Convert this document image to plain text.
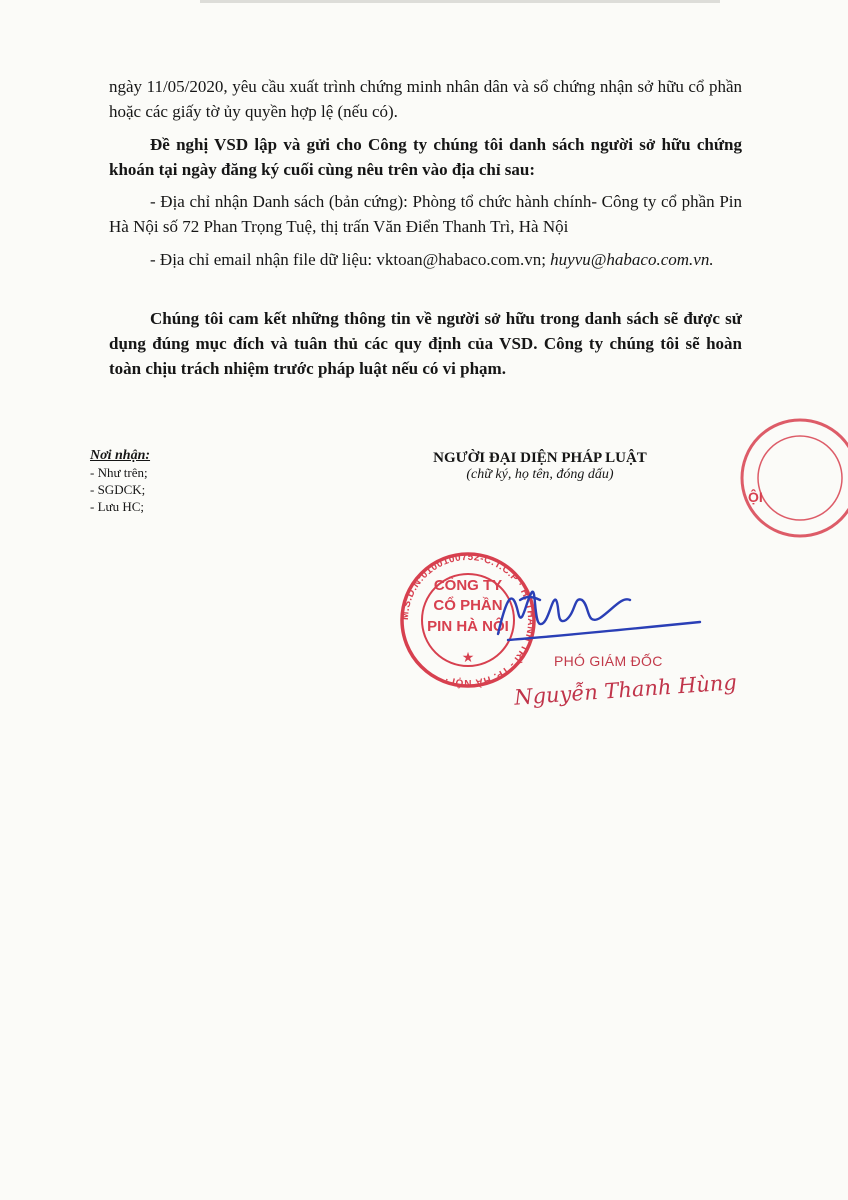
ngày 11/05/2020, yêu cầu xuất trình chứng minh nhân dân và sổ chứng nhận sở hữu cổ phần hoặc các giấy tờ ủy quyền hợp lệ (nếu có).

Đề nghị VSD lập và gửi cho Công ty chúng tôi danh sách người sở hữu chứng khoán tại ngày đăng ký cuối cùng nêu trên vào địa chỉ sau:

- Địa chỉ nhận Danh sách (bản cứng): Phòng tổ chức hành chính- Công ty cổ phần Pin Hà Nội số 72 Phan Trọng Tuệ, thị trấn Văn Điển Thanh Trì, Hà Nội

- Địa chỉ email nhận file dữ liệu: vktoan@habaco.com.vn; huyvu@habaco.com.vn.

Chúng tôi cam kết những thông tin về người sở hữu trong danh sách sẽ được sử dụng đúng mục đích và tuân thủ các quy định của VSD. Công ty chúng tôi sẽ hoàn toàn chịu trách nhiệm trước pháp luật nếu có vi phạm.

Nơi nhận:
- Như trên;
- SGDCK;
- Lưu HC;
NGƯỜI ĐẠI DIỆN PHÁP LUẬT
(chữ ký, họ tên, đóng dấu)
ỘI
M.S.D.N:0100100752-C.T.C.P · H. THANH TRÌ - TP. HÀ NỘI ·
CÔNG TY
CỔ PHẦN
PIN HÀ NỘI
★	PHÓ GIÁM ĐỐC
Nguyễn Thanh Hùng
